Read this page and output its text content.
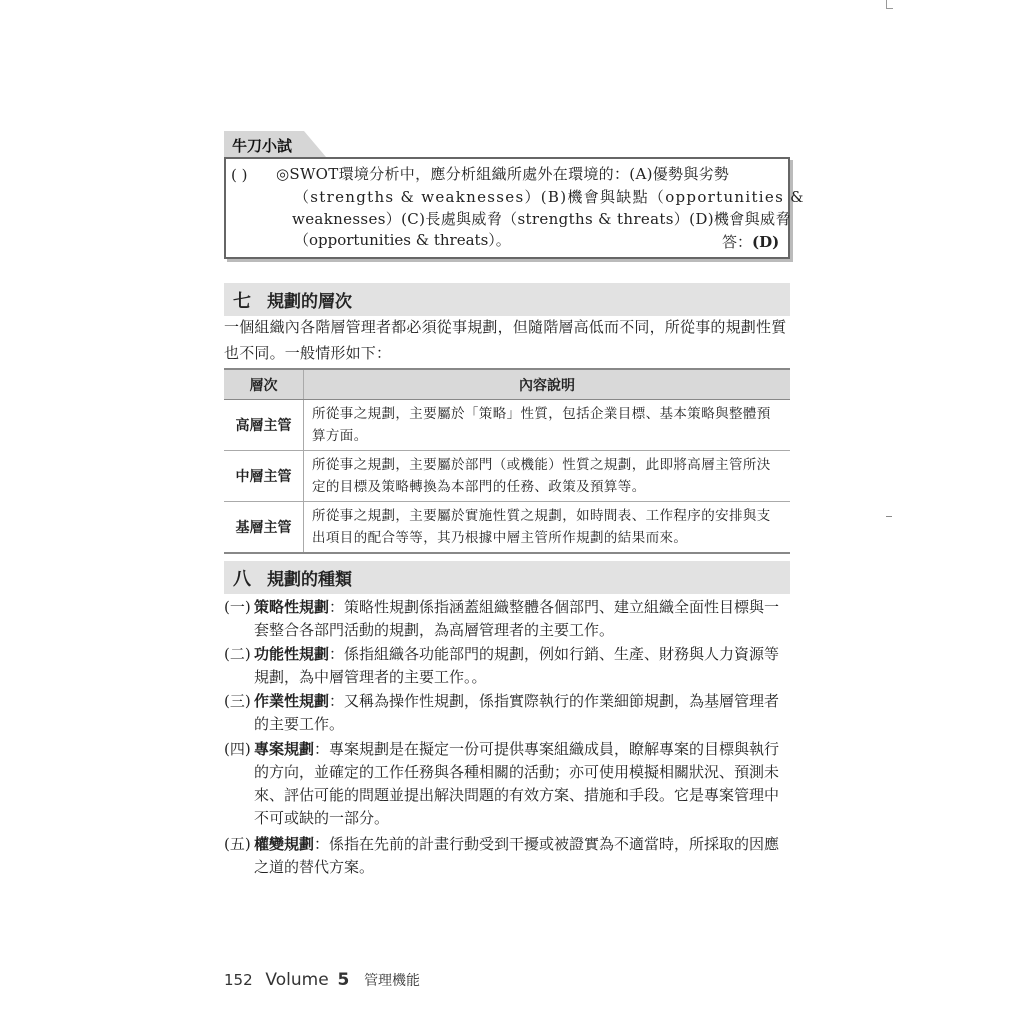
牛刀小試
( ) ◎SWOT環境分析中，應分析組織所處外在環境的：(A)優勢與劣勢
（strengths & weaknesses）(B)機會與缺點（opportunities &
weaknesses）(C)長處與威脅（strengths & threats）(D)機會與威脅
（opportunities & threats）。	答：(D)
七 規劃的層次
一個組織內各階層管理者都必須從事規劃，但隨階層高低而不同，所從事的規劃性質也不同。一般情形如下：
層次	內容說明
高層主管	所從事之規劃，主要屬於「策略」性質，包括企業目標、基本策略與整體預算方面。
中層主管	所從事之規劃，主要屬於部門（或機能）性質之規劃，此即將高層主管所決定的目標及策略轉換為本部門的任務、政策及預算等。
基層主管	所從事之規劃，主要屬於實施性質之規劃，如時間表、工作程序的安排與支出項目的配合等等，其乃根據中層主管所作規劃的結果而來。
八 規劃的種類
(一) 策略性規劃：策略性規劃係指涵蓋組織整體各個部門、建立組織全面性目標與一套整合各部門活動的規劃，為高層管理者的主要工作。
(二) 功能性規劃：係指組織各功能部門的規劃，例如行銷、生產、財務與人力資源等規劃，為中層管理者的主要工作。。
(三) 作業性規劃：又稱為操作性規劃，係指實際執行的作業細節規劃，為基層管理者的主要工作。
(四) 專案規劃：專案規劃是在擬定一份可提供專案組織成員，瞭解專案的目標與執行的方向，並確定的工作任務與各種相關的活動；亦可使用模擬相關狀況、預測未來、評估可能的問題並提出解決問題的有效方案、措施和手段。它是專案管理中不可或缺的一部分。
(五) 權變規劃：係指在先前的計畫行動受到干擾或被證實為不適當時，所採取的因應之道的替代方案。
152 Volume 5 管理機能
